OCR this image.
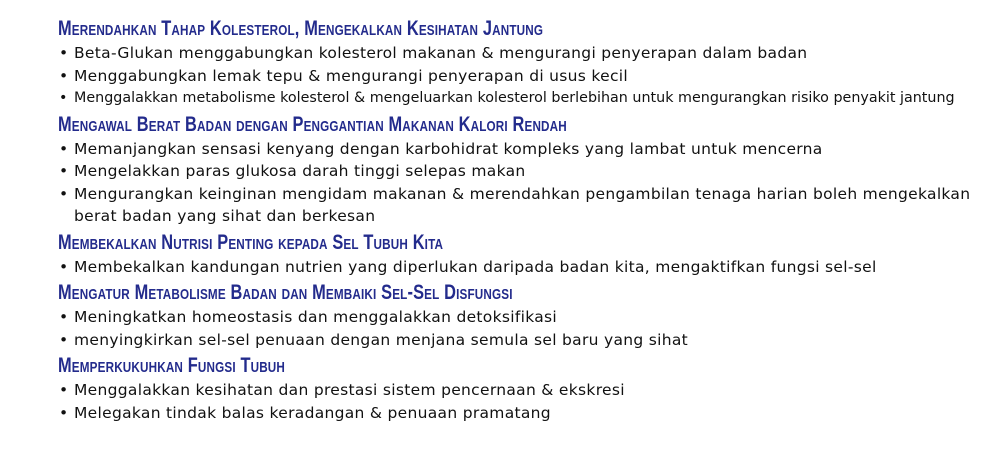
Merendahkan Tahap Kolesterol, Mengekalkan Kesihatan Jantung
• Beta-Glukan menggabungkan kolesterol makanan & mengurangi penyerapan dalam badan
• Menggabungkan lemak tepu & mengurangi penyerapan di usus kecil
• Menggalakkan metabolisme kolesterol & mengeluarkan kolesterol berlebihan untuk mengurangkan risiko penyakit jantung
Mengawal Berat Badan dengan Penggantian Makanan Kalori Rendah
• Memanjangkan sensasi kenyang dengan karbohidrat kompleks yang lambat untuk mencerna
• Mengelakkan paras glukosa darah tinggi selepas makan
• Mengurangkan keinginan mengidam makanan & merendahkan pengambilan tenaga harian boleh mengekalkan berat badan yang sihat dan berkesan
Membekalkan Nutrisi Penting kepada Sel Tubuh Kita
• Membekalkan kandungan nutrien yang diperlukan daripada badan kita, mengaktifkan fungsi sel-sel
Mengatur Metabolisme Badan dan Membaiki Sel-Sel Disfungsi
• Meningkatkan homeostasis dan menggalakkan detoksifikasi
• menyingkirkan sel-sel penuaan dengan menjana semula sel baru yang sihat
Memperkukuhkan Fungsi Tubuh
• Menggalakkan kesihatan dan prestasi sistem pencernaan & ekskresi
• Melegakan tindak balas keradangan & penuaan pramatang
